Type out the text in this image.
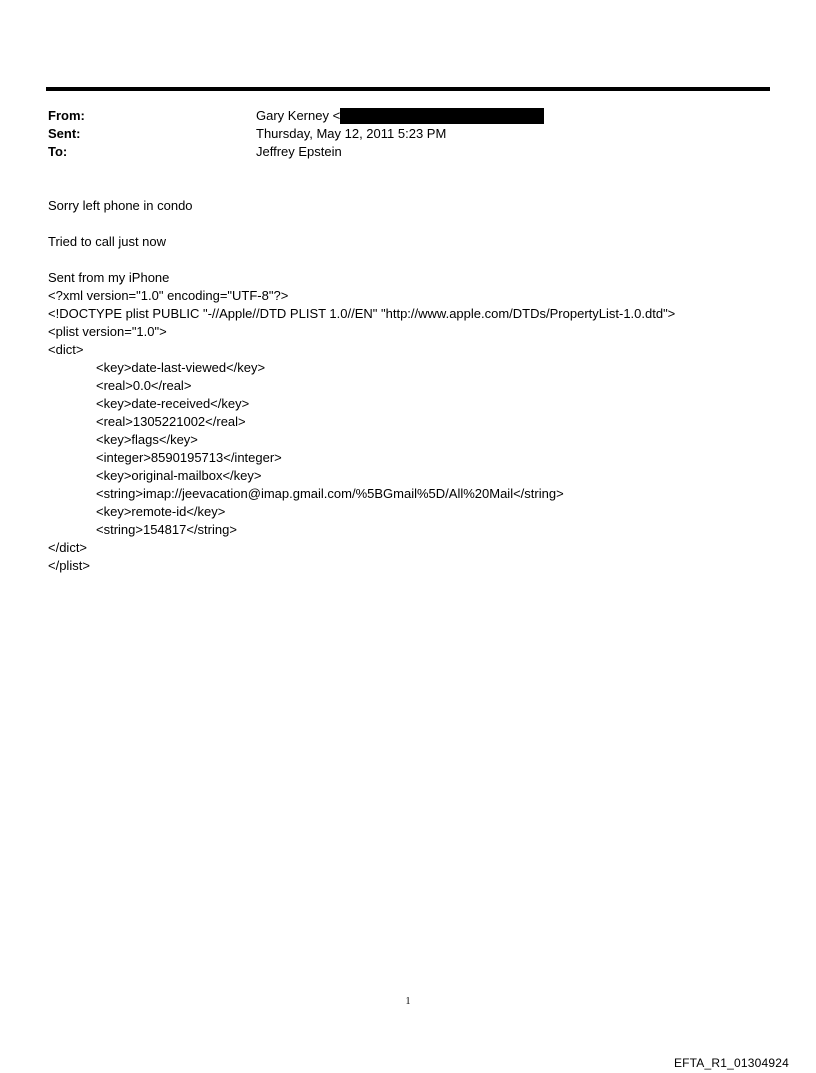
From:	Gary Kerney <
Sent:	Thursday, May 12, 2011 5:23 PM
To:	Jeffrey Epstein
Sorry left phone in condo
Tried to call just now
Sent from my iPhone
<?xml version="1.0" encoding="UTF-8"?>
<!DOCTYPE plist PUBLIC "-//Apple//DTD PLIST 1.0//EN" "http://www.apple.com/DTDs/PropertyList-1.0.dtd">
<plist version="1.0">
<dict>
<key>date-last-viewed</key>
<real>0.0</real>
<key>date-received</key>
<real>1305221002</real>
<key>flags</key>
<integer>8590195713</integer>
<key>original-mailbox</key>
<string>imap://jeevacation@imap.gmail.com/%5BGmail%5D/All%20Mail</string>
<key>remote-id</key>
<string>154817</string>
</dict>
</plist>
1
EFTA_R1_01304924
